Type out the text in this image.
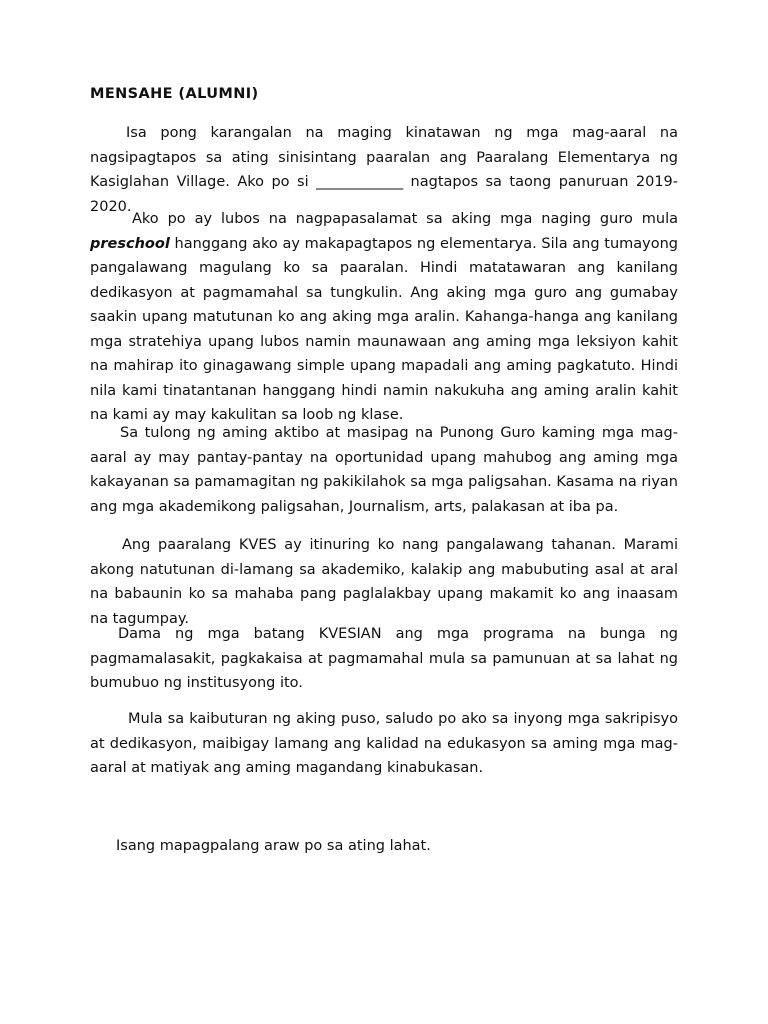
MENSAHE (ALUMNI)

Isa pong karangalan na maging kinatawan ng mga mag-aaral na nagsipagtapos sa ating sinisintang paaralan ang Paaralang Elementarya ng Kasiglahan Village. Ako po si ____________ nagtapos sa taong panuruan 2019-2020.

Ako po ay lubos na nagpapasalamat sa aking mga naging guro mula preschool hanggang ako ay makapagtapos ng elementarya. Sila ang tumayong pangalawang magulang ko sa paaralan. Hindi matatawaran ang kanilang dedikasyon at pagmamahal sa tungkulin. Ang aking mga guro ang gumabay saakin upang matutunan ko ang aking mga aralin. Kahanga-hanga ang kanilang mga stratehiya upang lubos namin maunawaan ang aming mga leksiyon kahit na mahirap ito ginagawang simple upang mapadali ang aming pagkatuto. Hindi nila kami tinatantanan hanggang hindi namin nakukuha ang aming aralin kahit na kami ay may kakulitan sa loob ng klase.

Sa tulong ng aming aktibo at masipag na Punong Guro kaming mga mag-aaral ay may pantay-pantay na oportunidad upang mahubog ang aming mga kakayanan sa pamamagitan ng pakikilahok sa mga paligsahan. Kasama na riyan ang mga akademikong paligsahan, Journalism, arts, palakasan at iba pa.

Ang paaralang KVES ay itinuring ko nang pangalawang tahanan. Marami akong natutunan di-lamang sa akademiko, kalakip ang mabubuting asal at aral na babaunin ko sa mahaba pang paglalakbay upang makamit ko ang inaasam na tagumpay.

Dama ng mga batang KVESIAN ang mga programa na bunga ng pagmamalasakit, pagkakaisa at pagmamahal mula sa pamunuan at sa lahat ng bumubuo ng institusyong ito.

Mula sa kaibuturan ng aking puso, saludo po ako sa inyong mga sakripisyo at dedikasyon, maibigay lamang ang kalidad na edukasyon sa aming mga mag-aaral at matiyak ang aming magandang kinabukasan.

Isang mapagpalang araw po sa ating lahat.
